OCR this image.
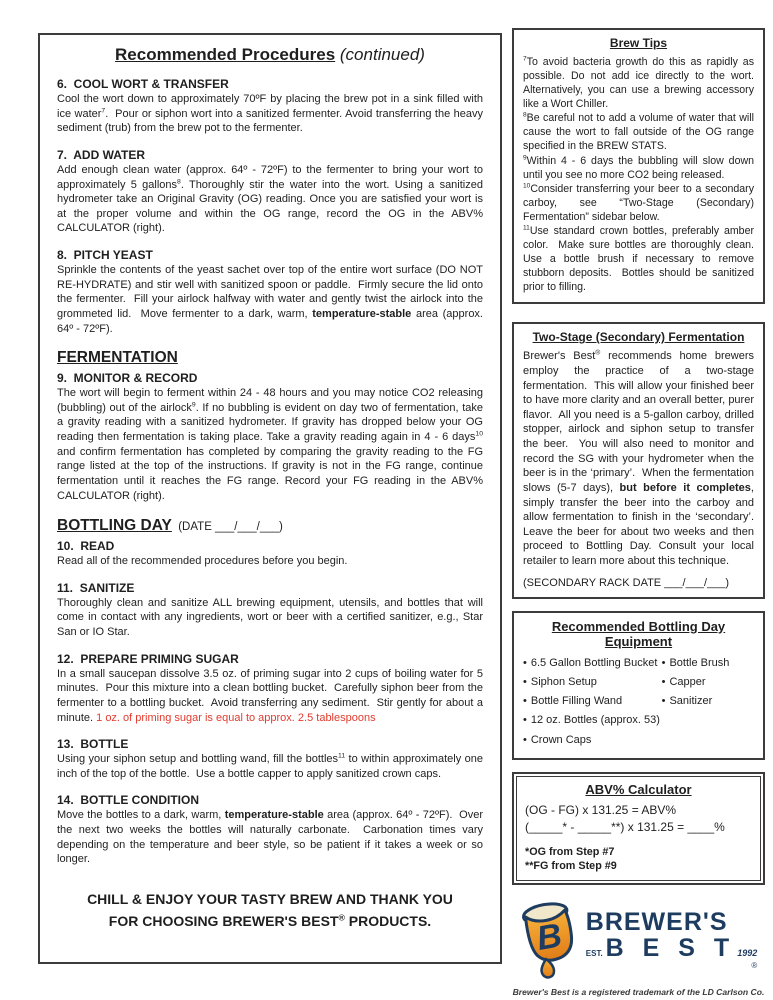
Recommended Procedures (continued)
6.  COOL WORT & TRANSFER
Cool the wort down to approximately 70ºF by placing the brew pot in a sink filled with ice water$^7$.  Pour or siphon wort into a sanitized fermenter. Avoid transferring the heavy sediment (trub) from the brew pot to the fermenter.
7.  ADD WATER
Add enough clean water (approx. 64º - 72ºF) to the fermenter to bring your wort to approximately 5 gallons$^8$. Thoroughly stir the water into the wort. Using a sanitized hydrometer take an Original Gravity (OG) reading. Once you are satisfied your wort is at the proper volume and within the OG range, record the OG in the ABV% CALCULATOR (right).
8.  PITCH YEAST
Sprinkle the contents of the yeast sachet over top of the entire wort surface (DO NOT RE-HYDRATE) and stir well with sanitized spoon or paddle.  Firmly secure the lid onto the fermenter.  Fill your airlock halfway with water and gently twist the airlock into the grommeted lid.  Move fermenter to a dark, warm, temperature-stable area (approx. 64º - 72ºF).
FERMENTATION
9.  MONITOR & RECORD
The wort will begin to ferment within 24 - 48 hours and you may notice CO2 releasing (bubbling) out of the airlock$^9$. If no bubbling is evident on day two of fermentation, take a gravity reading with a sanitized hydrometer. If gravity has dropped below your OG reading then fermentation is taking place. Take a gravity reading again in 4 - 6 days$^{10}$ and confirm fermentation has completed by comparing the gravity reading to the FG range listed at the top of the instructions. If gravity is not in the FG range, continue fermentation until it reaches the FG range. Record your FG reading in the ABV% CALCULATOR (right).
BOTTLING DAY  (DATE ___/___/___)
10.  READ
Read all of the recommended procedures before you begin.
11.  SANITIZE
Thoroughly clean and sanitize ALL brewing equipment, utensils, and bottles that will come in contact with any ingredients, wort or beer with a certified sanitizer, e.g., Star San or IO Star.
12.  PREPARE PRIMING SUGAR
In a small saucepan dissolve 3.5 oz. of priming sugar into 2 cups of boiling water for 5 minutes.  Pour this mixture into a clean bottling bucket.  Carefully siphon beer from the fermenter to a bottling bucket.  Avoid transferring any sediment.  Stir gently for about a minute. 1 oz. of priming sugar is equal to approx. 2.5 tablespoons
13.  BOTTLE
Using your siphon setup and bottling wand, fill the bottles$^{11}$ to within approximately one inch of the top of the bottle.  Use a bottle capper to apply sanitized crown caps.
14.  BOTTLE CONDITION
Move the bottles to a dark, warm, temperature-stable area (approx. 64º - 72ºF).  Over the next two weeks the bottles will naturally carbonate.  Carbonation times vary depending on the temperature and beer style, so be patient if it takes a week or so longer.
CHILL & ENJOY YOUR TASTY BREW AND THANK YOU FOR CHOOSING BREWER'S BEST® PRODUCTS.
Brew Tips
$^7$To avoid bacteria growth do this as rapidly as possible. Do not add ice directly to the wort. Alternatively, you can use a brewing accessory like a Wort Chiller.
$^8$Be careful not to add a volume of water that will cause the wort to fall outside of the OG range specified in the BREW STATS.
$^9$Within 4 - 6 days the bubbling will slow down until you see no more CO2 being released.
$^{10}$Consider transferring your beer to a secondary carboy, see “Two-Stage (Secondary) Fermentation” sidebar below.
$^{11}$Use standard crown bottles, preferably amber color.  Make sure bottles are thoroughly clean.  Use a bottle brush if necessary to remove stubborn deposits.  Bottles should be sanitized prior to filling.
Two-Stage (Secondary) Fermentation
Brewer's Best® recommends home brewers employ the practice of a two-stage fermentation.  This will allow your finished beer to have more clarity and an overall better, purer flavor.  All you need is a 5-gallon carboy, drilled stopper, airlock and siphon setup to transfer the beer.  You will also need to monitor and record the SG with your hydrometer when the beer is in the ‘primary’.  When the fermentation slows (5-7 days), but before it completes, simply transfer the beer into the carboy and allow fermentation to finish in the ‘secondary’.  Leave the beer for about two weeks and then proceed to Bottling Day. Consult your local retailer to learn more about this technique.
(SECONDARY RACK DATE ___/___/___)
Recommended Bottling Day Equipment
• 6.5 Gallon Bottling Bucket
• Siphon Setup
• Bottle Filling Wand
• 12 oz. Bottles (approx. 53)
• Crown Caps
• Bottle Brush
• Capper
• Sanitizer
ABV% Calculator
(OG - FG) x 131.25 = ABV%
(_____* - _____**) x 131.25 = ____%
*OG from Step #7
**FG from Step #9
B BREWER'S
EST. B E S T 1992
®
Brewer's Best is a registered trademark of the LD Carlson Co.
